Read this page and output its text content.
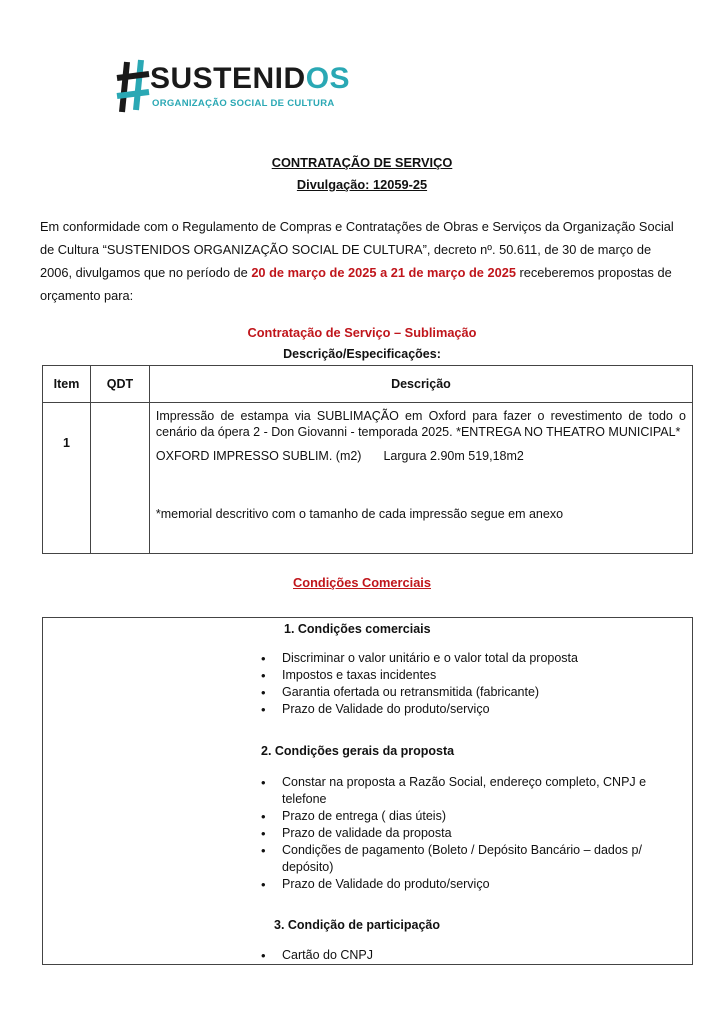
SUSTENIDOS
ORGANIZAÇÃO SOCIAL DE CULTURA
CONTRATAÇÃO DE SERVIÇO
Divulgação: 12059-25
Em conformidade com o Regulamento de Compras e Contratações de Obras e Serviços da Organização Social de Cultura “SUSTENIDOS ORGANIZAÇÃO SOCIAL DE CULTURA”, decreto nº. 50.611, de 30 de março de 2006, divulgamos que no período de 20 de março de 2025 a 21 de março de 2025 receberemos propostas de orçamento para:
Contratação de Serviço – Sublimação
Descrição/Especificações:
Item	QDT	Descrição
1		Impressão de estampa via SUBLIMAÇÃO em Oxford para fazer o revestimento de todo o cenário da ópera 2 - Don Giovanni - temporada 2025. *ENTREGA NO THEATRO MUNICIPAL*

OXFORD IMPRESSO SUBLIM. (m2) Largura 2.90m 519,18m2

*memorial descritivo com o tamanho de cada impressão segue em anexo

Condições Comerciais
1. Condições comerciais
• Discriminar o valor unitário e o valor total da proposta
• Impostos e taxas incidentes
• Garantia ofertada ou retransmitida (fabricante)
• Prazo de Validade do produto/serviço
2. Condições gerais da proposta
• Constar na proposta a Razão Social, endereço completo, CNPJ e telefone
• Prazo de entrega ( dias úteis)
• Prazo de validade da proposta
• Condições de pagamento (Boleto / Depósito Bancário – dados p/ depósito)
• Prazo de Validade do produto/serviço
3. Condição de participação
• Cartão do CNPJ
